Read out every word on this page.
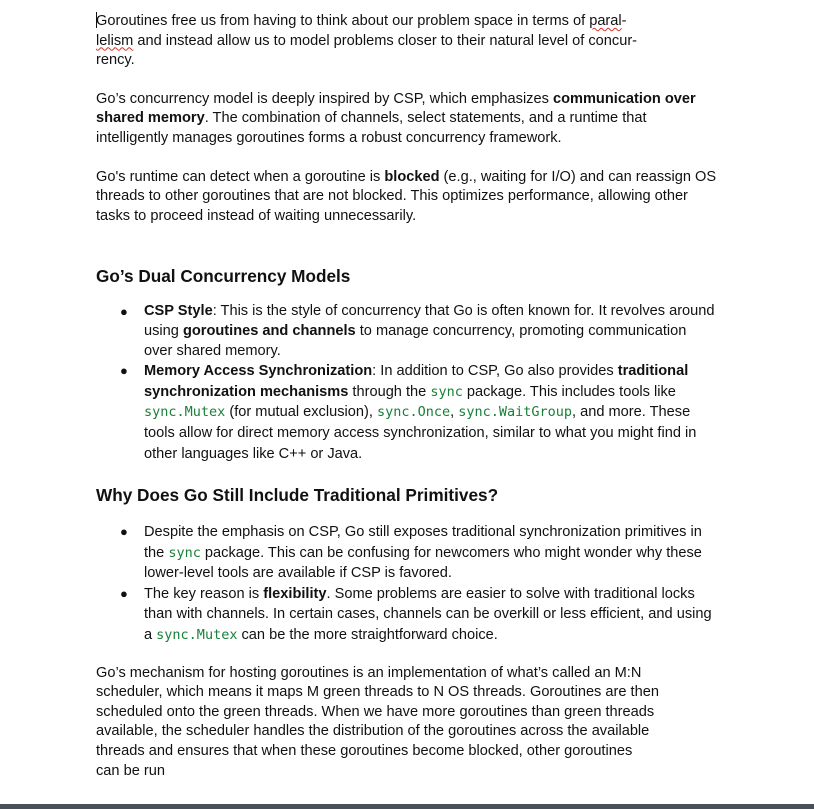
Goroutines free us from having to think about our problem space in terms of paral-
lelism and instead allow us to model problems closer to their natural level of concur-
rency.

Go’s concurrency model is deeply inspired by CSP, which emphasizes communication over
shared memory. The combination of channels, select statements, and a runtime that
intelligently manages goroutines forms a robust concurrency framework.

Go's runtime can detect when a goroutine is blocked (e.g., waiting for I/O) and can reassign OS
threads to other goroutines that are not blocked. This optimizes performance, allowing other
tasks to proceed instead of waiting unnecessarily.

Go’s Dual Concurrency Models
● CSP Style: This is the style of concurrency that Go is often known for. It revolves around
using goroutines and channels to manage concurrency, promoting communication
over shared memory.
● Memory Access Synchronization: In addition to CSP, Go also provides traditional
synchronization mechanisms through the sync package. This includes tools like
sync.Mutex (for mutual exclusion), sync.Once, sync.WaitGroup, and more. These
tools allow for direct memory access synchronization, similar to what you might find in
other languages like C++ or Java.
Why Does Go Still Include Traditional Primitives?
● Despite the emphasis on CSP, Go still exposes traditional synchronization primitives in
the sync package. This can be confusing for newcomers who might wonder why these
lower-level tools are available if CSP is favored.
● The key reason is flexibility. Some problems are easier to solve with traditional locks
than with channels. In certain cases, channels can be overkill or less efficient, and using
a sync.Mutex can be the more straightforward choice.

Go’s mechanism for hosting goroutines is an implementation of what’s called an M:N
scheduler, which means it maps M green threads to N OS threads. Goroutines are then
scheduled onto the green threads. When we have more goroutines than green threads
available, the scheduler handles the distribution of the goroutines across the available
threads and ensures that when these goroutines become blocked, other goroutines
can be run
